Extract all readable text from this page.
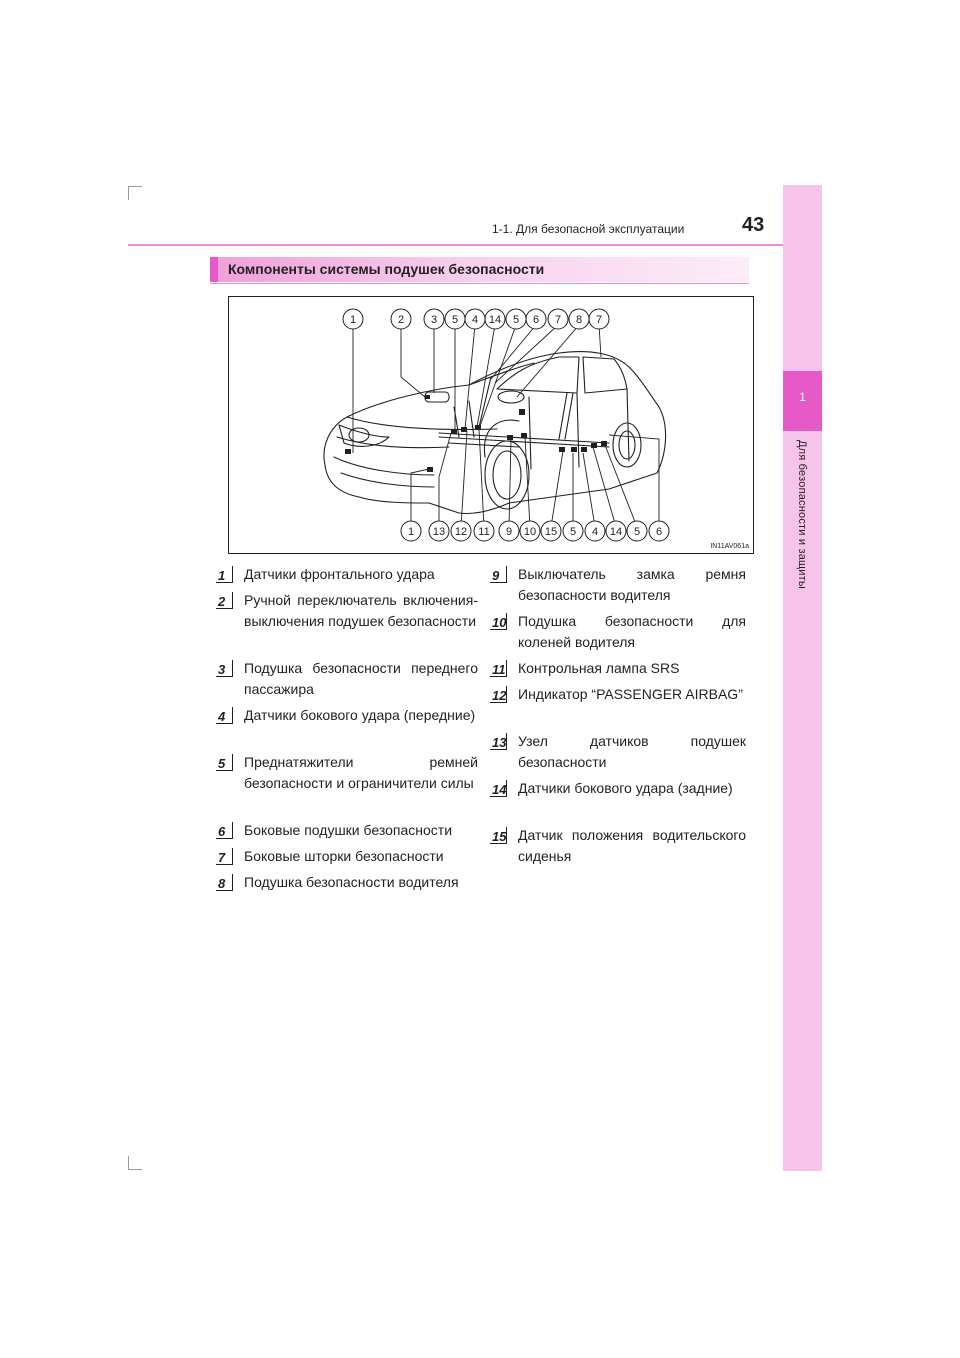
1-1. Для безопасной эксплуатации	43
1
Для безопасности и защиты
Компоненты системы подушек безопасности
1	2 3 5 4 14 5 6 7 8 7
1 13 12 11 9 10 15 5 4 14 5 6
IN11AV061a
1 Датчики фронтального удара
2 Ручной переключатель включения-выключения подушек безопасности
3 Подушка безопасности переднего пассажира
4 Датчики бокового удара (передние)
5 Преднатяжители ремней безопасности и ограничители силы
6 Боковые подушки безопасности
7 Боковые шторки безопасности
8 Подушка безопасности водителя
9 Выключатель замка ремня безопасности водителя
10 Подушка безопасности для коленей водителя
11 Контрольная лампа SRS
12 Индикатор “PASSENGER AIRBAG”
13 Узел датчиков подушек безопасности
14 Датчики бокового удара (задние)
15 Датчик положения водительского сиденья
